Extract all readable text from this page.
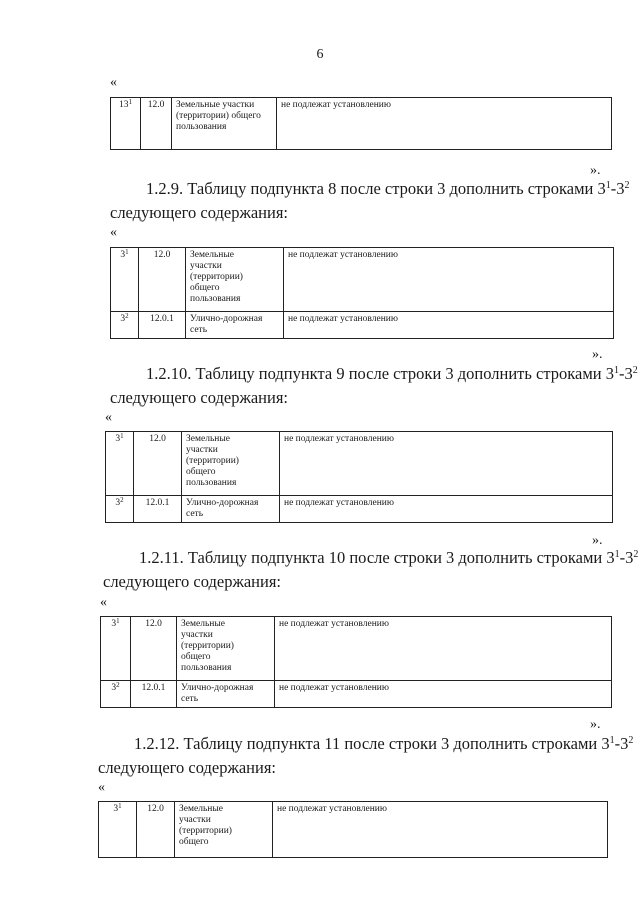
6
«
$13^1$	12.0	Земельные участки (территории) общего пользования	не подлежат установлению
».
1.2.9. Таблицу подпункта 8 после строки 3 дополнить строками $3^1-3^2$
следующего содержания:
«
$3^1$	12.0	Земельные
участки
(территории)
общего
пользования	не подлежат установлению
$3^2$	12.0.1	Улично-дорожная
сеть	не подлежат установлению
».
1.2.10. Таблицу подпункта 9 после строки 3 дополнить строками $3^1-3^2$
следующего содержания:
«
$3^1$	12.0	Земельные
участки
(территории)
общего
пользования	не подлежат установлению
$3^2$	12.0.1	Улично-дорожная
сеть	не подлежат установлению
».
1.2.11. Таблицу подпункта 10 после строки 3 дополнить строками $3^1-3^2$
следующего содержания:
«
$3^1$	12.0	Земельные
участки
(территории)
общего
пользования	не подлежат установлению
$3^2$	12.0.1	Улично-дорожная
сеть	не подлежат установлению
».
1.2.12. Таблицу подпункта 11 после строки 3 дополнить строками $3^1-3^2$
следующего содержания:
«
$3^1$	12.0	Земельные
участки
(территории)
общего
	не подлежат установлению
